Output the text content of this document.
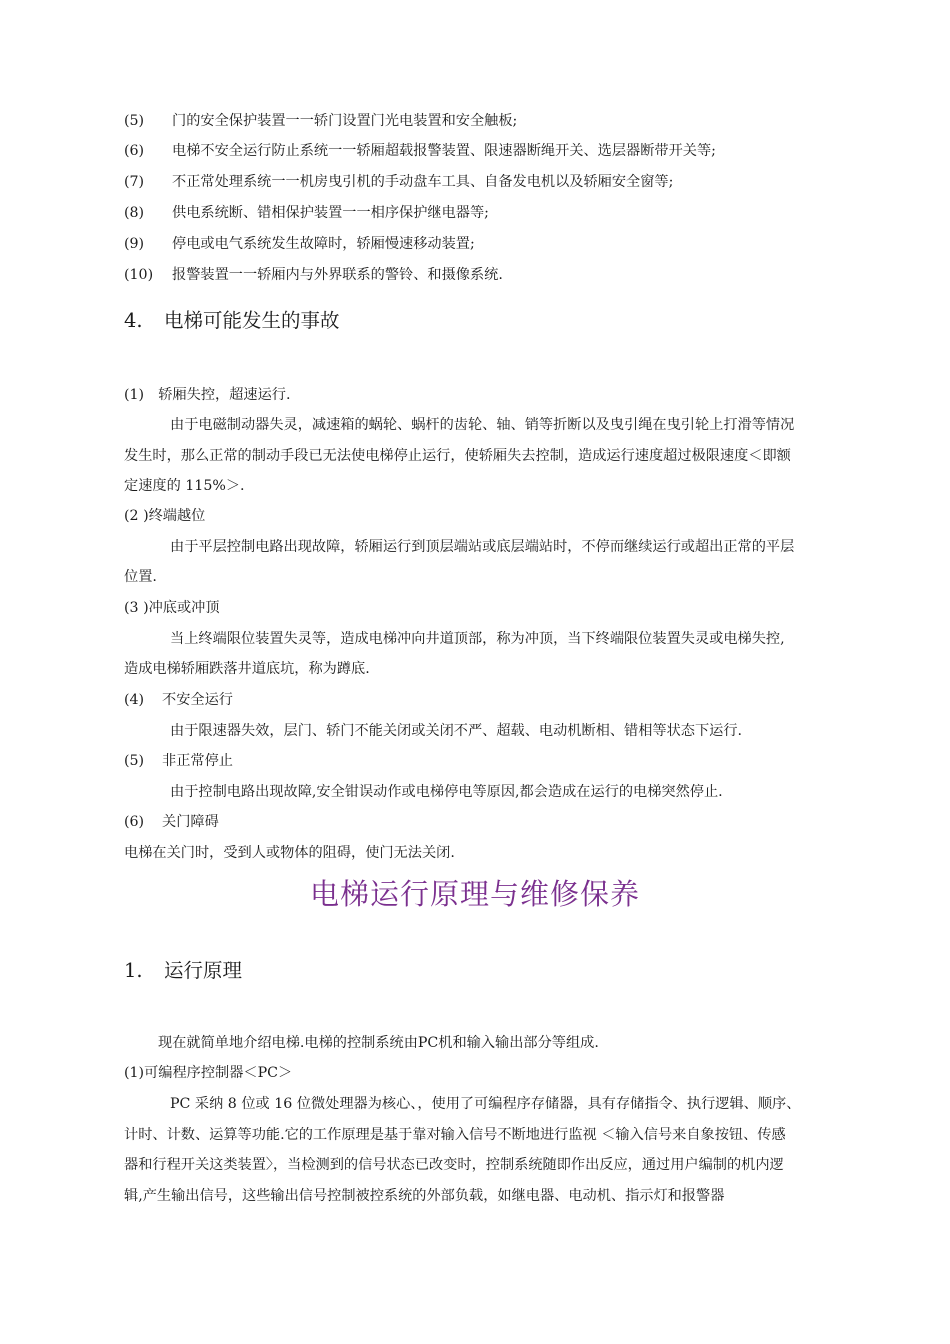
(5) 门的安全保护装置一一轿门设置门光电装置和安全触板;
(6) 电梯不安全运行防止系统一一轿厢超载报警装置、限速器断绳开关、选层器断带开关等;
(7) 不正常处理系统一一机房曳引机的手动盘车工具、自备发电机以及轿厢安全窗等;
(8) 供电系统断、错相保护装置一一相序保护继电器等;
(9) 停电或电气系统发生故障时，轿厢慢速移动装置;
(10) 报警装置一一轿厢内与外界联系的警铃、和摄像系统.
4. 电梯可能发生的事故
(1)　轿厢失控，超速运行.
由于电磁制动器失灵，减速箱的蜗轮、蜗杆的齿轮、轴、销等折断以及曳引绳在曳引轮上打滑等情况
发生时，那么正常的制动手段已无法使电梯停止运行，使轿厢失去控制，造成运行速度超过极限速度＜即额
定速度的 115%＞.
(2 )终端越位
由于平层控制电路出现故障，轿厢运行到顶层端站或底层端站时，不停而继续运行或超出正常的平层
位置.
(3 )冲底或冲顶
当上终端限位装置失灵等，造成电梯冲向井道顶部，称为冲顶，当下终端限位装置失灵或电梯失控,
造成电梯轿厢跌落井道底坑，称为蹲底.
(4) 不安全运行
由于限速器失效，层门、轿门不能关闭或关闭不严、超载、电动机断相、错相等状态下运行.
(5) 非正常停止
由于控制电路出现故障,安全钳误动作或电梯停电等原因,都会造成在运行的电梯突然停止.
(6) 关门障碍
电梯在关门时，受到人或物体的阻碍，使门无法关闭.
电梯运行原理与维修保养
1. 运行原理
现在就简单地介绍电梯.电梯的控制系统由PC机和输入输出部分等组成.
(1)可编程序控制器＜PC＞
PC 采纳 8 位或 16 位微处理器为核心、，使用了可编程序存储器，具有存储指令、执行逻辑、顺序、
计时、计数、运算等功能.它的工作原理是基于靠对输入信号不断地进行监视 ＜输入信号来自象按钮、传感
器和行程开关这类装置〉，当检测到的信号状态已改变时，控制系统随即作出反应，通过用户编制的机内逻
辑,产生输出信号，这些输出信号控制被控系统的外部负载，如继电器、电动机、指示灯和报警器
